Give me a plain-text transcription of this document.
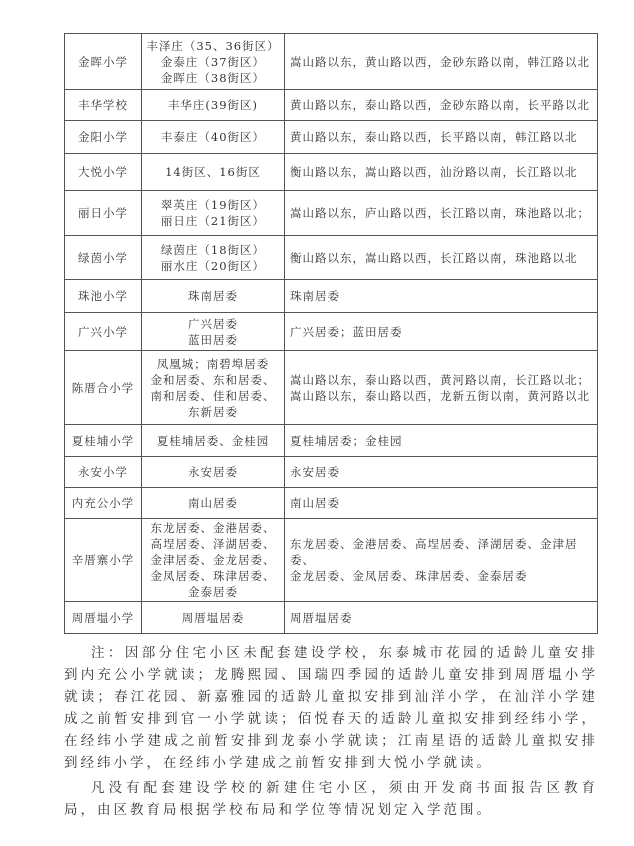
金晖小学	丰泽庄（35、36街区）
金泰庄（37街区）
金晖庄（38街区）	嵩山路以东，黄山路以西，金砂东路以南，韩江路以北

丰华学校	丰华庄(39街区)	黄山路以东，泰山路以西，金砂东路以南，长平路以北

金阳小学	丰泰庄（40街区）	黄山路以东，泰山路以西，长平路以南，韩江路以北

大悦小学	14街区、16街区	衡山路以东，嵩山路以西，汕汾路以南，长江路以北

丽日小学	翠英庄（19街区）
丽日庄（21街区）	嵩山路以东，庐山路以西，长江路以南，珠池路以北；

绿茵小学	绿茵庄（18街区）
丽水庄（20街区）	衡山路以东，嵩山路以西，长江路以南，珠池路以北

珠池小学	珠南居委	珠南居委

广兴小学	广兴居委
蓝田居委	广兴居委；蓝田居委

陈厝合小学	凤凰城；南碧埠居委
金和居委、东和居委、
南和居委、佳和居委、
东新居委	嵩山路以东，泰山路以西，黄河路以南，长江路以北；
嵩山路以东，泰山路以西，龙新五街以南，黄河路以北

夏桂埔小学	夏桂埔居委、金桂园	夏桂埔居委；金桂园

永安小学	永安居委	永安居委

内充公小学	南山居委	南山居委

辛厝寨小学	东龙居委、金港居委、
高埕居委、泽湖居委、
金津居委、金龙居委、
金凤居委、珠津居委、
金泰居委	东龙居委、金港居委、高埕居委、泽湖居委、金津居委、
金龙居委、金凤居委、珠津居委、金泰居委

周厝塭小学	周厝塭居委	周厝塭居委

注：因部分住宅小区未配套建设学校，东泰城市花园的适龄儿童安排到内充公小学就读；龙腾熙园、国瑞四季园的适龄儿童安排到周厝塭小学就读；春江花园、新嘉雅园的适龄儿童拟安排到汕洋小学，在汕洋小学建成之前暂安排到官一小学就读；佰悦春天的适龄儿童拟安排到经纬小学，在经纬小学建成之前暂安排到龙泰小学就读；江南星语的适龄儿童拟安排到经纬小学，在经纬小学建成之前暂安排到大悦小学就读。

凡没有配套建设学校的新建住宅小区，须由开发商书面报告区教育局，由区教育局根据学校布局和学位等情况划定入学范围。
